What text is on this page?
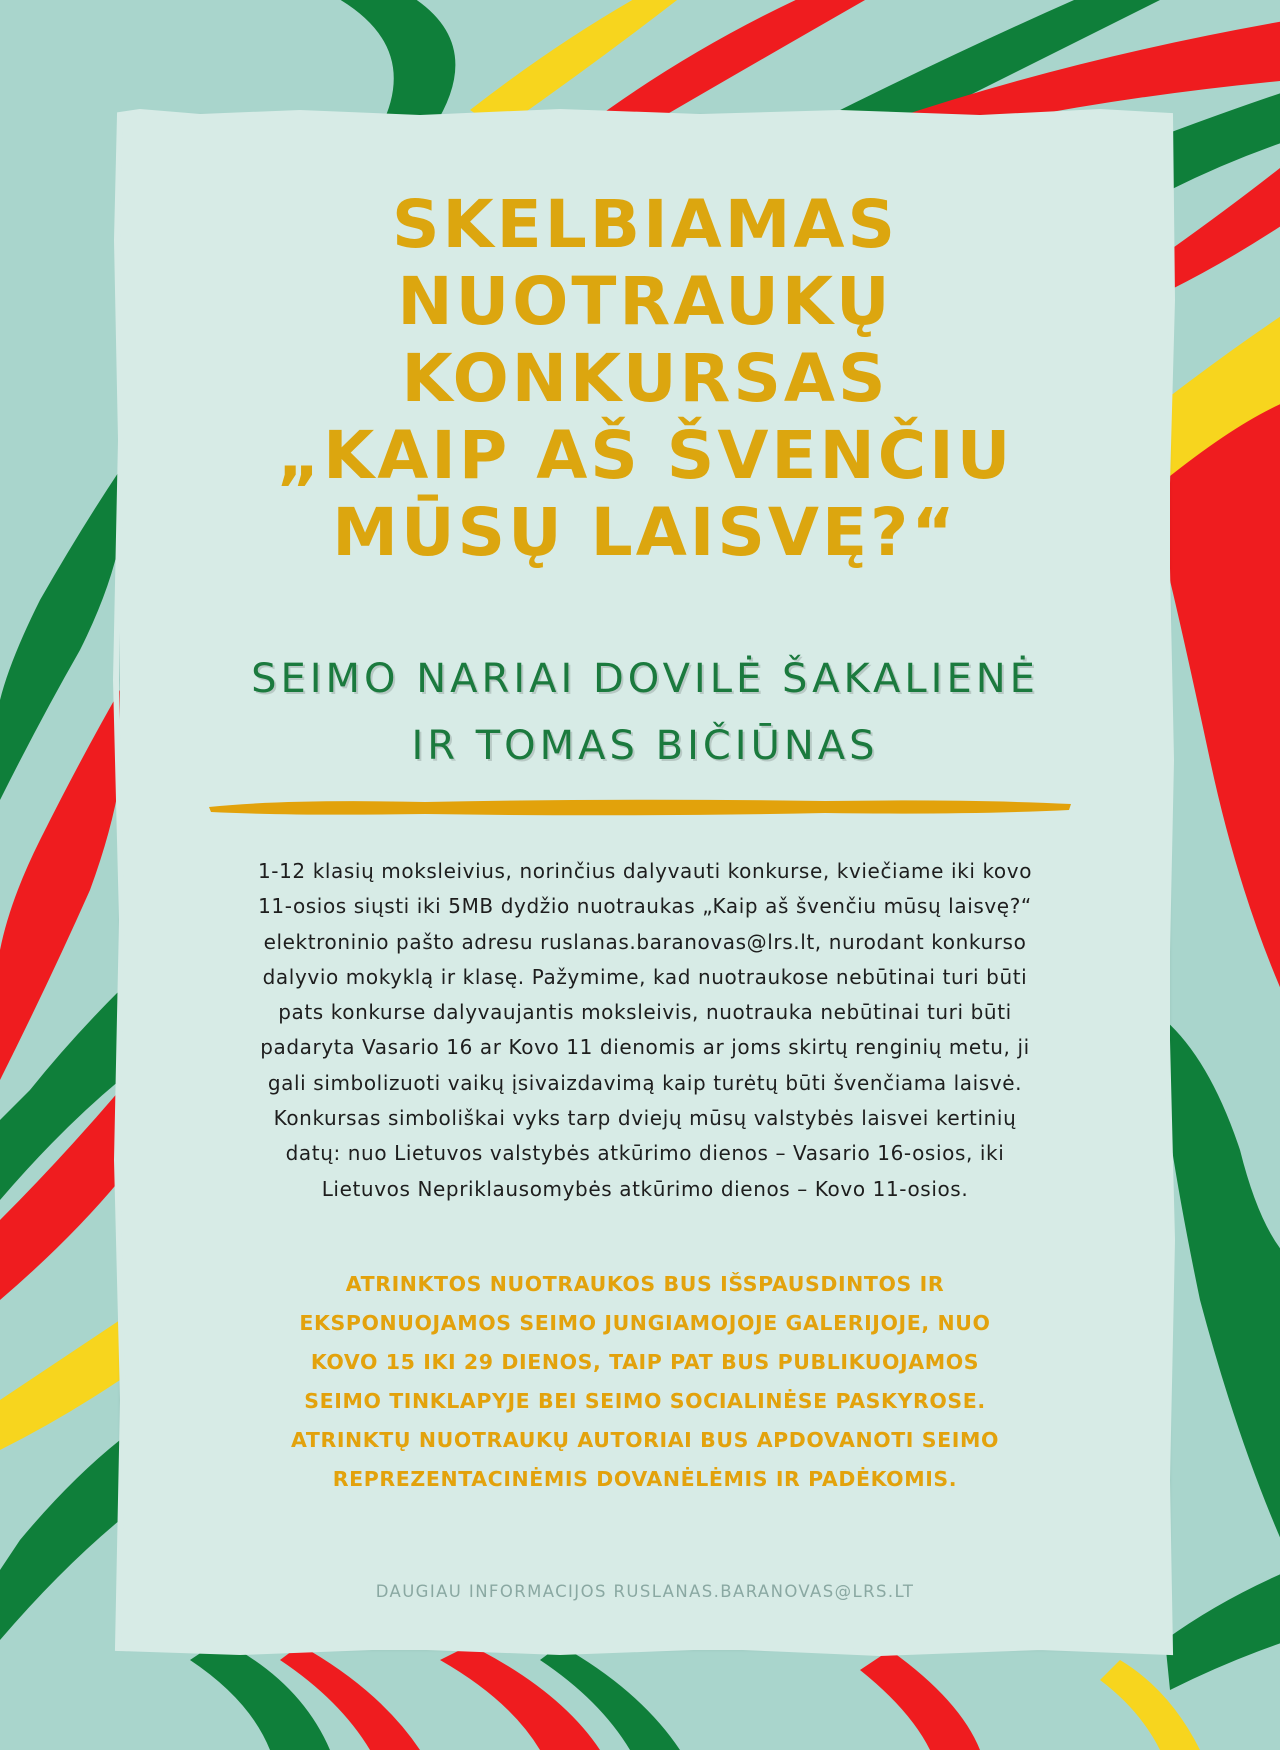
SKELBIAMAS
NUOTRAUKŲ
KONKURSAS
„KAIP AŠ ŠVENČIU
MŪSŲ LAISVĘ?“
SEIMO NARIAI DOVILĖ ŠAKALIENĖ
IR TOMAS BIČIŪNAS
1-12 klasių moksleivius, norinčius dalyvauti konkurse, kviečiame iki kovo
11-osios siųsti iki 5MB dydžio nuotraukas „Kaip aš švenčiu mūsų laisvę?“
elektroninio pašto adresu ruslanas.baranovas@lrs.lt, nurodant konkurso
dalyvio mokyklą ir klasę. Pažymime, kad nuotraukose nebūtinai turi būti
pats konkurse dalyvaujantis moksleivis, nuotrauka nebūtinai turi būti
padaryta Vasario 16 ar Kovo 11 dienomis ar joms skirtų renginių metu, ji
gali simbolizuoti vaikų įsivaizdavimą kaip turėtų būti švenčiama laisvė.
Konkursas simboliškai vyks tarp dviejų mūsų valstybės laisvei kertinių
datų: nuo Lietuvos valstybės atkūrimo dienos – Vasario 16-osios, iki
Lietuvos Nepriklausomybės atkūrimo dienos – Kovo 11-osios.
ATRINKTOS NUOTRAUKOS BUS IŠSPAUSDINTOS IR
EKSPONUOJAMOS SEIMO JUNGIAMOJOJE GALERIJOJE, NUO
KOVO 15 IKI 29 DIENOS, TAIP PAT BUS PUBLIKUOJAMOS
SEIMO TINKLAPYJE BEI SEIMO SOCIALINĖSE PASKYROSE.
ATRINKTŲ NUOTRAUKŲ AUTORIAI BUS APDOVANOTI SEIMO
REPREZENTACINĖMIS DOVANĖLĖMIS IR PADĖKOMIS.
DAUGIAU INFORMACIJOS RUSLANAS.BARANOVAS@LRS.LT
